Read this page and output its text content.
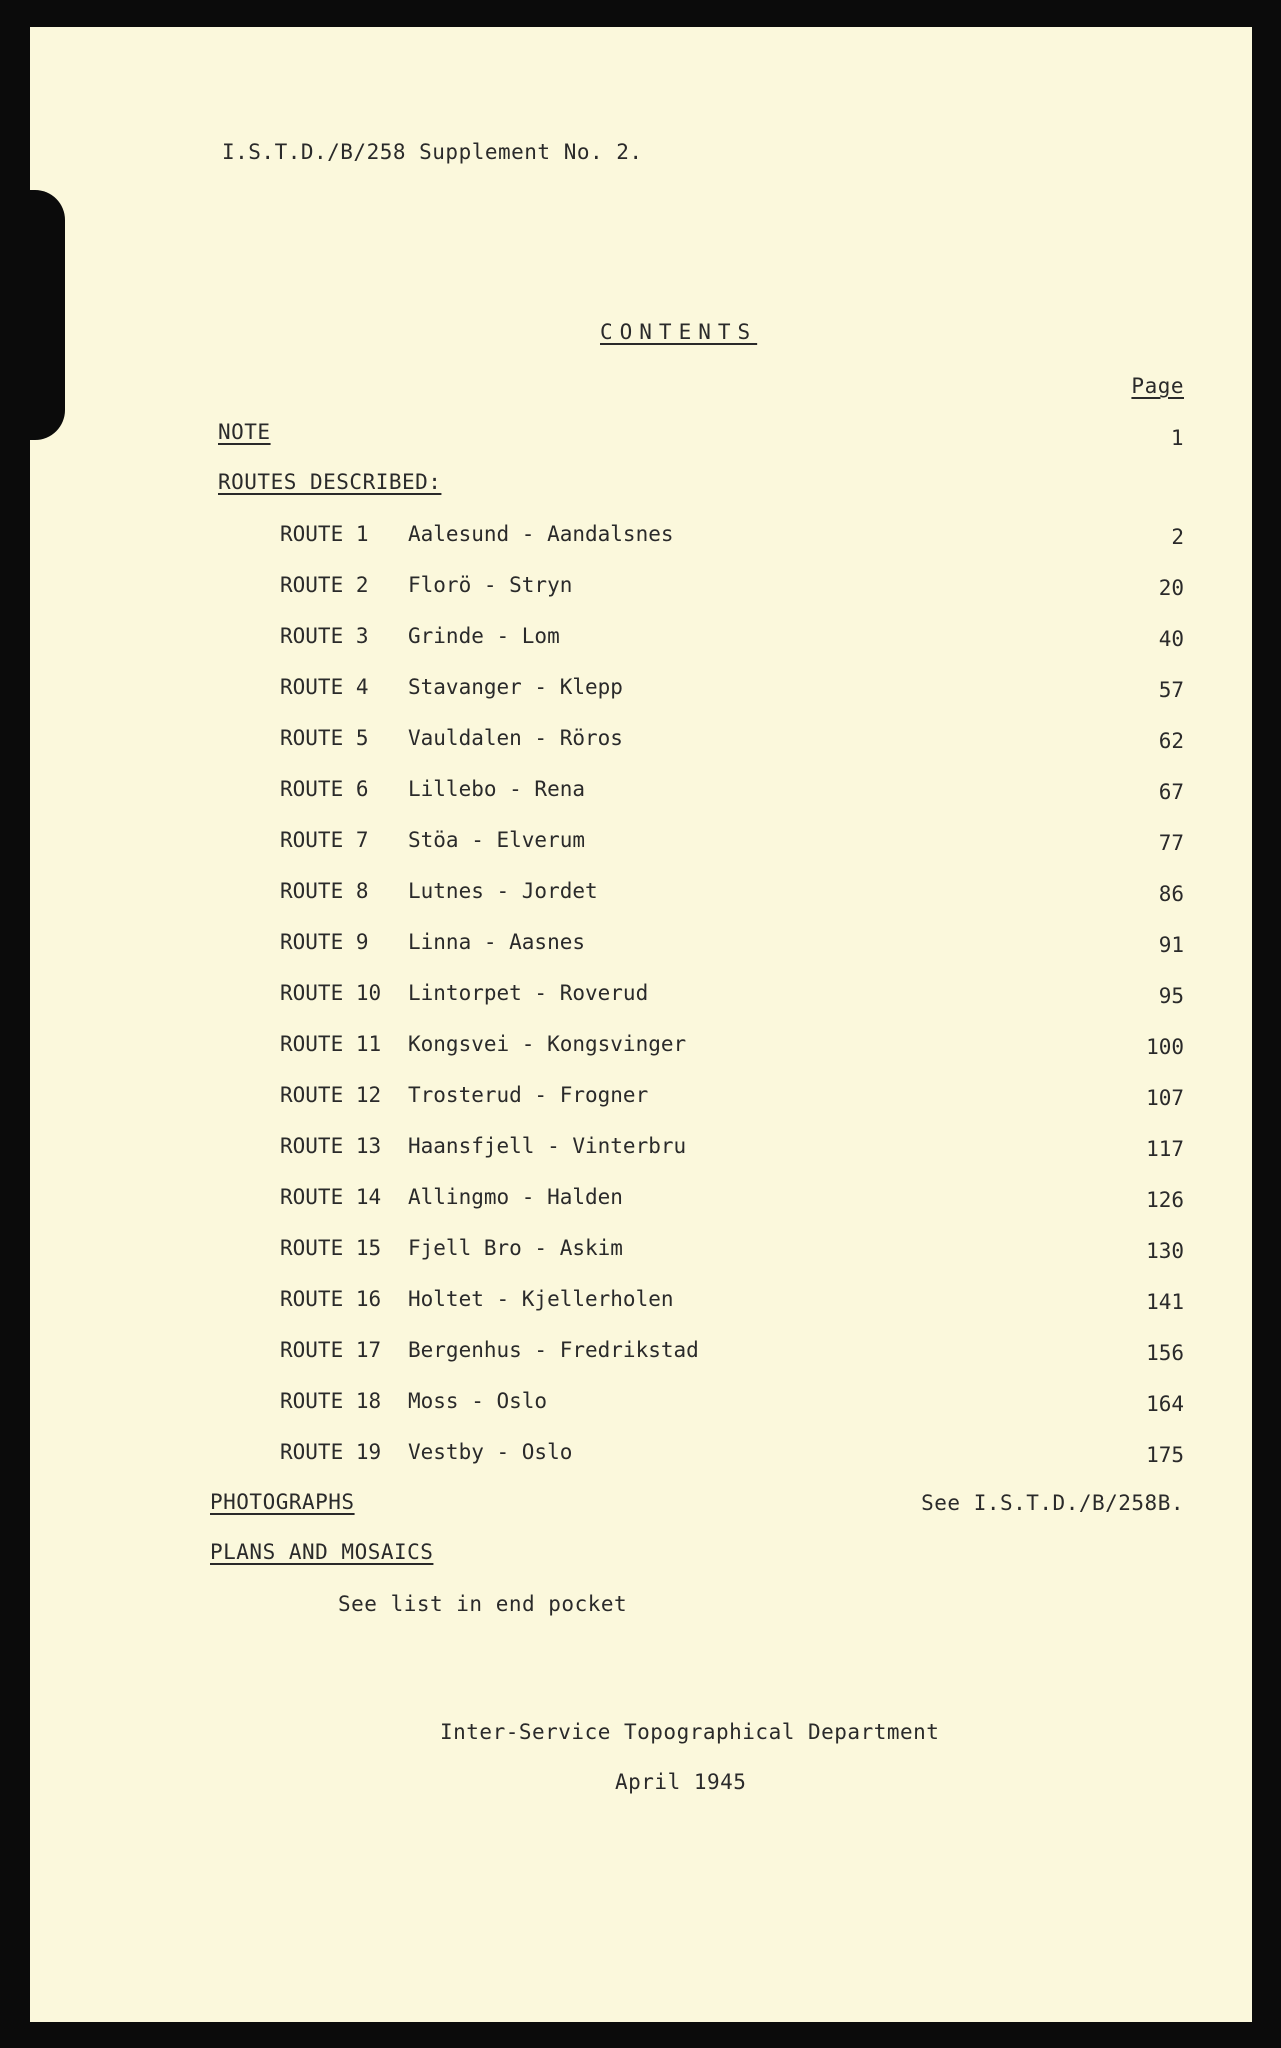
I.S.T.D./B/258 Supplement No. 2.
CONTENTS
Page
NOTE	1
ROUTES DESCRIBED:
ROUTE 1 Aalesund - Aandalsnes	2
ROUTE 2 Florö - Stryn	20
ROUTE 3 Grinde - Lom	40
ROUTE 4 Stavanger - Klepp	57
ROUTE 5 Vauldalen - Röros	62
ROUTE 6 Lillebo - Rena	67
ROUTE 7 Stöa - Elverum	77
ROUTE 8 Lutnes - Jordet	86
ROUTE 9 Linna - Aasnes	91
ROUTE 10 Lintorpet - Roverud	95
ROUTE 11 Kongsvei - Kongsvinger	100
ROUTE 12 Trosterud - Frogner	107
ROUTE 13 Haansfjell - Vinterbru	117
ROUTE 14 Allingmo - Halden	126
ROUTE 15 Fjell Bro - Askim	130
ROUTE 16 Holtet - Kjellerholen	141
ROUTE 17 Bergenhus - Fredrikstad	156
ROUTE 18 Moss - Oslo	164
ROUTE 19 Vestby - Oslo	175
PHOTOGRAPHS	See I.S.T.D./B/258B.
PLANS AND MOSAICS
See list in end pocket
Inter-Service Topographical Department
April 1945
